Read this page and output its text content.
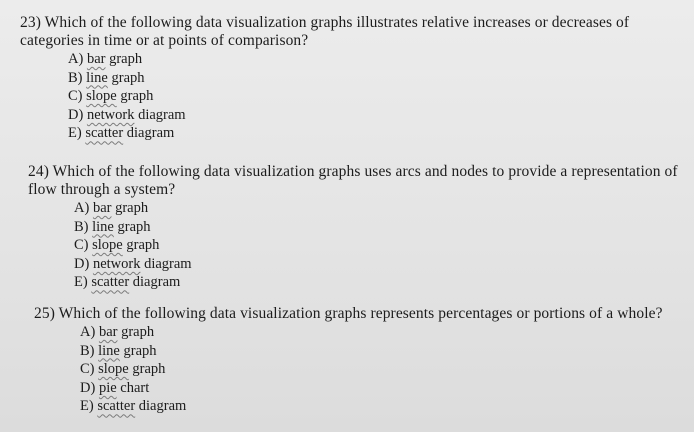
23) Which of the following data visualization graphs illustrates relative increases or decreases of categories in time or at points of comparison?

A) bar graph
B) line graph
C) slope graph
D) network diagram
E) scatter diagram

24) Which of the following data visualization graphs uses arcs and nodes to provide a representation of flow through a system?

A) bar graph
B) line graph
C) slope graph
D) network diagram
E) scatter diagram

25) Which of the following data visualization graphs represents percentages or portions of a whole?

A) bar graph
B) line graph
C) slope graph
D) pie chart
E) scatter diagram
